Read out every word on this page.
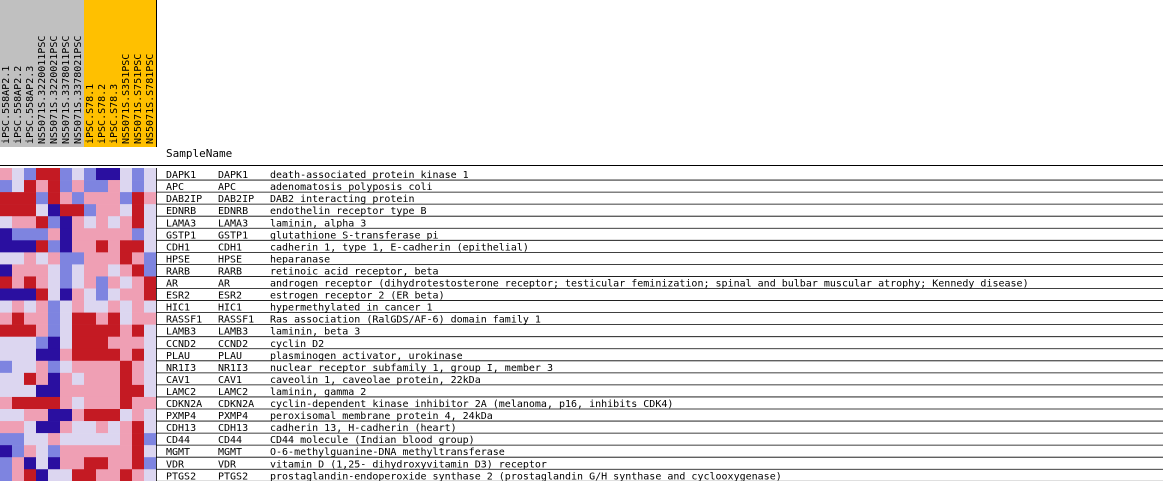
iPSC.558AP2.1 iPSC.558AP2.2 iPSC.558AP2.3 NS5071S.3220011PSC NS5071S.3220021PSC NS5071S.3378011PSC NS5071S.3378021PSC iPSC.S78.1 iPSC.S78.2 iPSC.S78.3 NS5071S.S351PSC NS5071S.S751PSC NS5071S.S781PSC
SampleName
DAPK1 DAPK1 death-associated protein kinase 1
APC	APC	adenomatosis polyposis coli
DAB2IP DAB2IP DAB2 interacting protein
EDNRB EDNRB endothelin receptor type B
LAMA3 LAMA3 laminin, alpha 3
GSTP1 GSTP1 glutathione S-transferase pi
CDH1	CDH1	cadherin 1, type 1, E-cadherin (epithelial)
HPSE	HPSE	heparanase
RARB	RARB	retinoic acid receptor, beta
AR	AR	androgen receptor (dihydrotestosterone receptor; testicular feminization; spinal and bulbar muscular atrophy; Kennedy disease)
ESR2	ESR2	estrogen receptor 2 (ER beta)
HIC1	HIC1	hypermethylated in cancer 1
RASSF1 RASSF1 Ras association (RalGDS/AF-6) domain family 1
LAMB3 LAMB3 laminin, beta 3
CCND2 CCND2 cyclin D2
PLAU	PLAU	plasminogen activator, urokinase
NR1I3 NR1I3 nuclear receptor subfamily 1, group I, member 3
CAV1	CAV1	caveolin 1, caveolae protein, 22kDa
LAMC2 LAMC2 laminin, gamma 2
CDKN2A CDKN2A cyclin-dependent kinase inhibitor 2A (melanoma, p16, inhibits CDK4)
PXMP4 PXMP4 peroxisomal membrane protein 4, 24kDa
CDH13 CDH13 cadherin 13, H-cadherin (heart)
CD44	CD44	CD44 molecule (Indian blood group)
MGMT	MGMT	O-6-methylguanine-DNA methyltransferase
VDR	VDR	vitamin D (1,25- dihydroxyvitamin D3) receptor
PTGS2 PTGS2 prostaglandin-endoperoxide synthase 2 (prostaglandin G/H synthase and cyclooxygenase)
